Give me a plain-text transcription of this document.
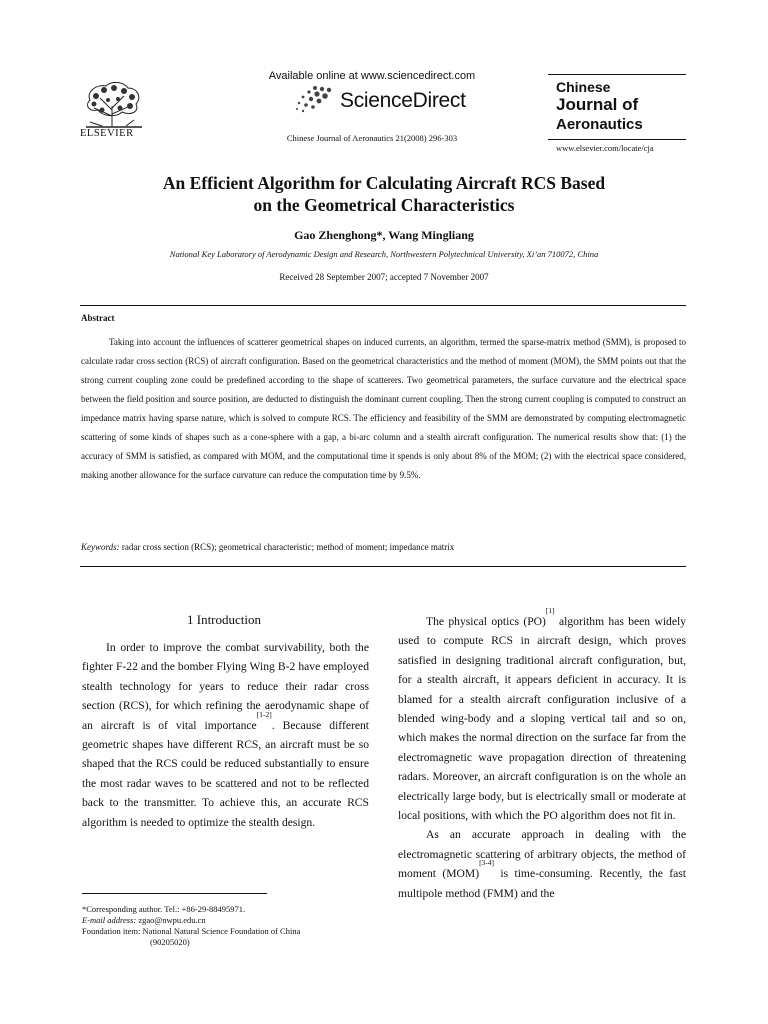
ELSEVIER
Available online at www.sciencedirect.com
ScienceDirect
Chinese Journal of Aeronautics 21(2008) 296-303
Chinese
Journal of
Aeronautics
www.elsevier.com/locate/cja
An Efficient Algorithm for Calculating Aircraft RCS Based
on the Geometrical Characteristics
Gao Zhenghong*, Wang Mingliang
National Key Laboratory of Aerodynamic Design and Research, Northwestern Polytechnical University, Xi’an 710072, China
Received 28 September 2007; accepted 7 November 2007
Abstract
Taking into account the influences of scatterer geometrical shapes on induced currents, an algorithm, termed the sparse-matrix method (SMM), is proposed to calculate radar cross section (RCS) of aircraft configuration. Based on the geometrical characteristics and the method of moment (MOM), the SMM points out that the strong current coupling zone could be predefined according to the shape of scatterers. Two geometrical parameters, the surface curvature and the electrical space between the field position and source position, are deducted to distinguish the dominant current coupling. Then the strong current coupling is computed to construct an impedance matrix having sparse nature, which is solved to compute RCS. The efficiency and feasibility of the SMM are demonstrated by computing electromagnetic scattering of some kinds of shapes such as a cone-sphere with a gap, a bi-arc column and a stealth aircraft configuration. The numerical results show that: (1) the accuracy of SMM is satisfied, as compared with MOM, and the computational time it spends is only about 8% of the MOM; (2) with the electrical space considered, making another allowance for the surface curvature can reduce the computation time by 9.5%.
Keywords: radar cross section (RCS); geometrical characteristic; method of moment; impedance matrix
1 Introduction
In order to improve the combat survivability, both the fighter F-22 and the bomber Flying Wing B-2 have employed stealth technology for years to reduce their radar cross section (RCS), for which refining the aerodynamic shape of an aircraft is of vital importance[1-2]. Because different geometric shapes have different RCS, an aircraft must be so shaped that the RCS could be reduced substantially to ensure the most radar waves to be scattered and not to be reflected back to the transmitter. To achieve this, an accurate RCS algorithm is needed to optimize the stealth design.

The physical optics (PO)[1] algorithm has been widely used to compute RCS in aircraft design, which proves satisfied in designing traditional aircraft configuration, but, for a stealth aircraft, it appears deficient in accuracy. It is blamed for a stealth aircraft configuration inclusive of a blended wing-body and a sloping vertical tail and so on, which makes the normal direction on the surface far from the electromagnetic wave propagation direction of threatening radars. Moreover, an aircraft configuration is on the whole an electrically large body, but is electrically small or moderate at local positions, with which the PO algorithm does not fit in.

As an accurate approach in dealing with the electromagnetic scattering of arbitrary objects, the method of moment (MOM)[3-4] is time-consuming. Recently, the fast multipole method (FMM) and the

*Corresponding author. Tel.: +86-29-88495971.
E-mail address: zgao@nwpu.edu.cn
Foundation item: National Natural Science Foundation of China
(90205020)
